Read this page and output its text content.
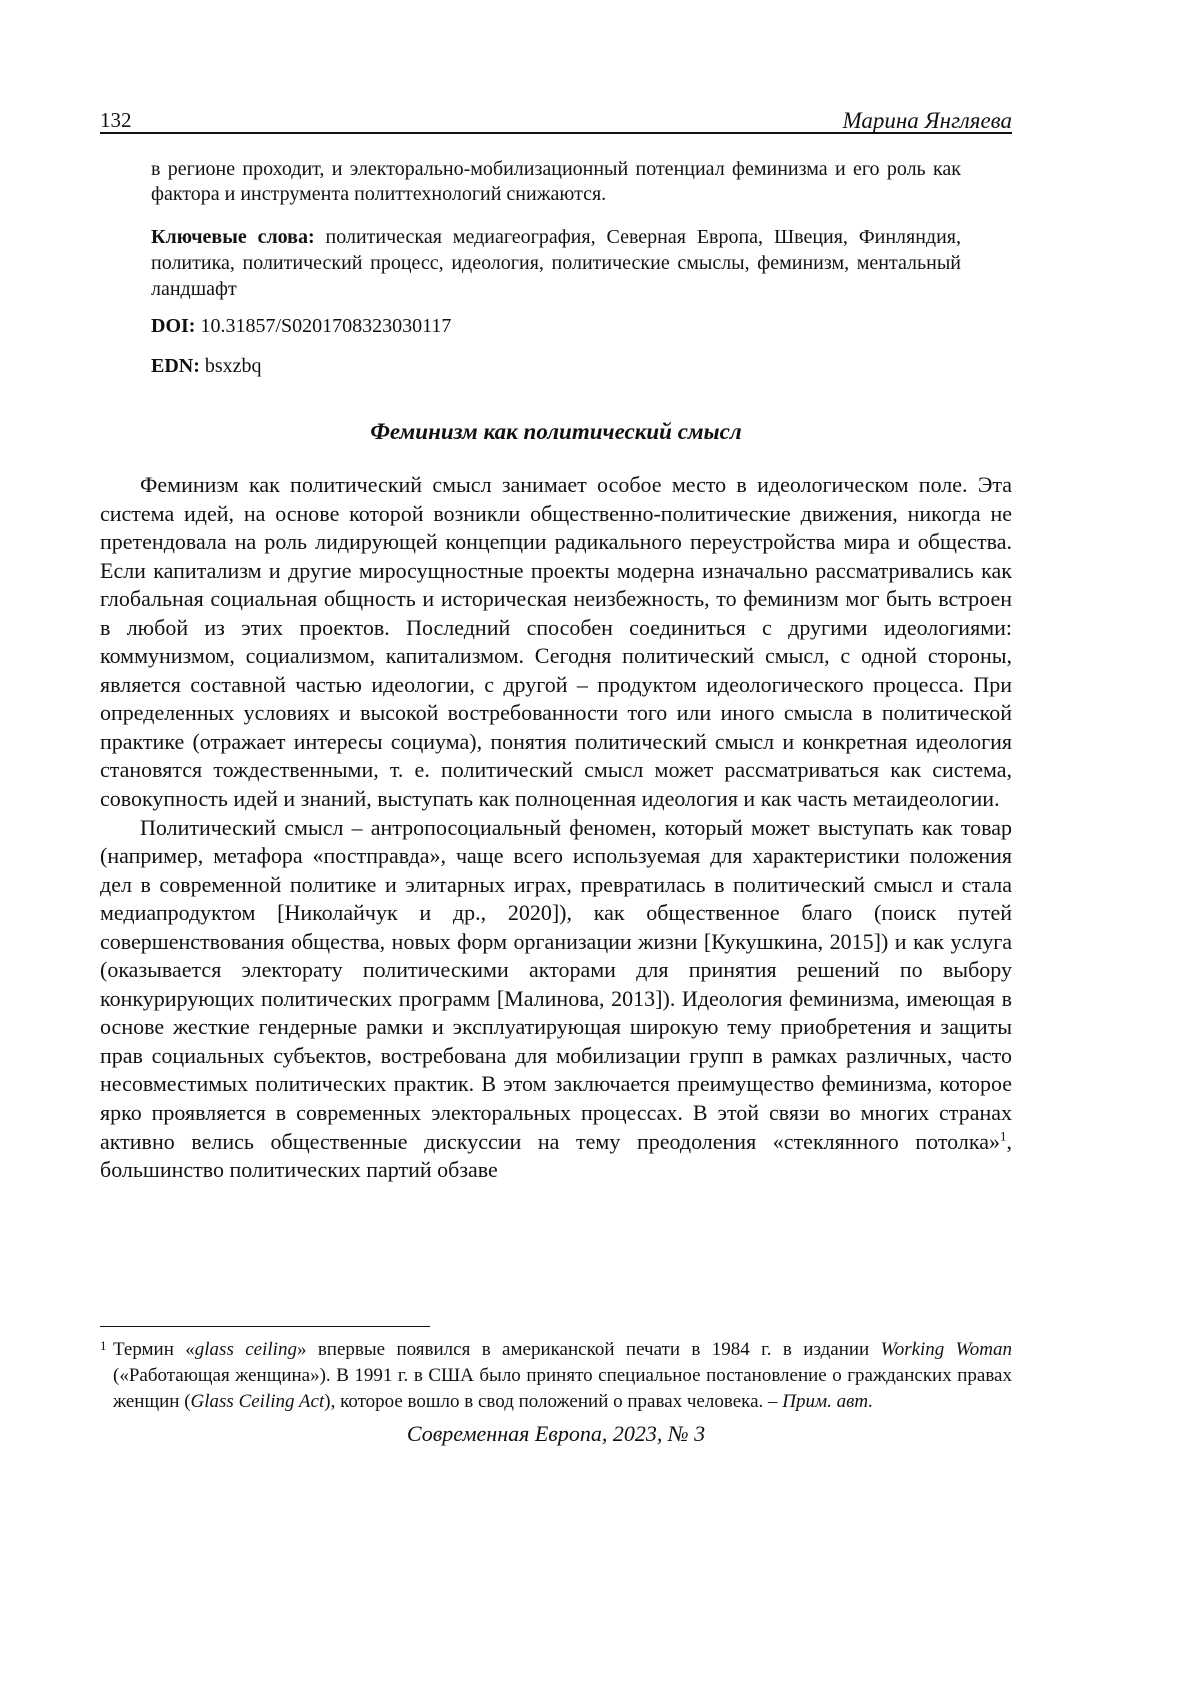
132	Марина Янгляева
в регионе проходит, и электорально-мобилизационный потенциал феминизма и его роль как фактора и инструмента политтехнологий снижаются.
Ключевые слова: политическая медиагеография, Северная Европа, Швеция, Финляндия, политика, политический процесс, идеология, политические смыслы, феминизм, ментальный ландшафт
DOI: 10.31857/S0201708323030117
EDN: bsxzbq
Феминизм как политический смысл

Феминизм как политический смысл занимает особое место в идеологическом поле. Эта система идей, на основе которой возникли общественно-политические движения, никогда не претендовала на роль лидирующей концепции радикального переустройства мира и общества. Если капитализм и другие миросущностные проекты модерна изначально рассматривались как глобальная социальная общность и историческая неизбежность, то феминизм мог быть встроен в любой из этих проектов. Последний способен соединиться с другими идеологиями: коммунизмом, социализмом, капитализмом. Сегодня политический смысл, с одной стороны, является составной частью идеологии, с другой – продуктом идеологического процесса. При определенных условиях и высокой востребованности того или иного смысла в политической практике (отражает интересы социума), понятия политический смысл и конкретная идеология становятся тождественными, т. е. политический смысл может рассматриваться как система, совокупность идей и знаний, выступать как полноценная идеология и как часть метаидеологии.

Политический смысл – антропосоциальный феномен, который может выступать как товар (например, метафора «постправда», чаще всего используемая для характеристики положения дел в современной политике и элитарных играх, превратилась в политический смысл и стала медиапродуктом [Николайчук и др., 2020]), как общественное благо (поиск путей совершенствования общества, новых форм организации жизни [Кукушкина, 2015]) и как услуга (оказывается электорату политическими акторами для принятия решений по выбору конкурирующих политических программ [Малинова, 2013]). Идеология феминизма, имеющая в основе жесткие гендерные рамки и эксплуатирующая широкую тему приобретения и защиты прав социальных субъектов, востребована для мобилизации групп в рамках различных, часто несовместимых политических практик. В этом заключается преимущество феминизма, которое ярко проявляется в современных электоральных процессах. В этой связи во многих странах активно велись общественные дискуссии на тему преодоления «стеклянного потолка»$^1$, большинство политических партий обзаве

1 Термин «glass ceiling» впервые появился в американской печати в 1984 г. в издании Working Woman («Работающая женщина»). В 1991 г. в США было принято специальное постановление о гражданских правах женщин (Glass Ceiling Act), которое вошло в свод положений о правах человека. – Прим. авт.
Современная Европа, 2023, № 3
